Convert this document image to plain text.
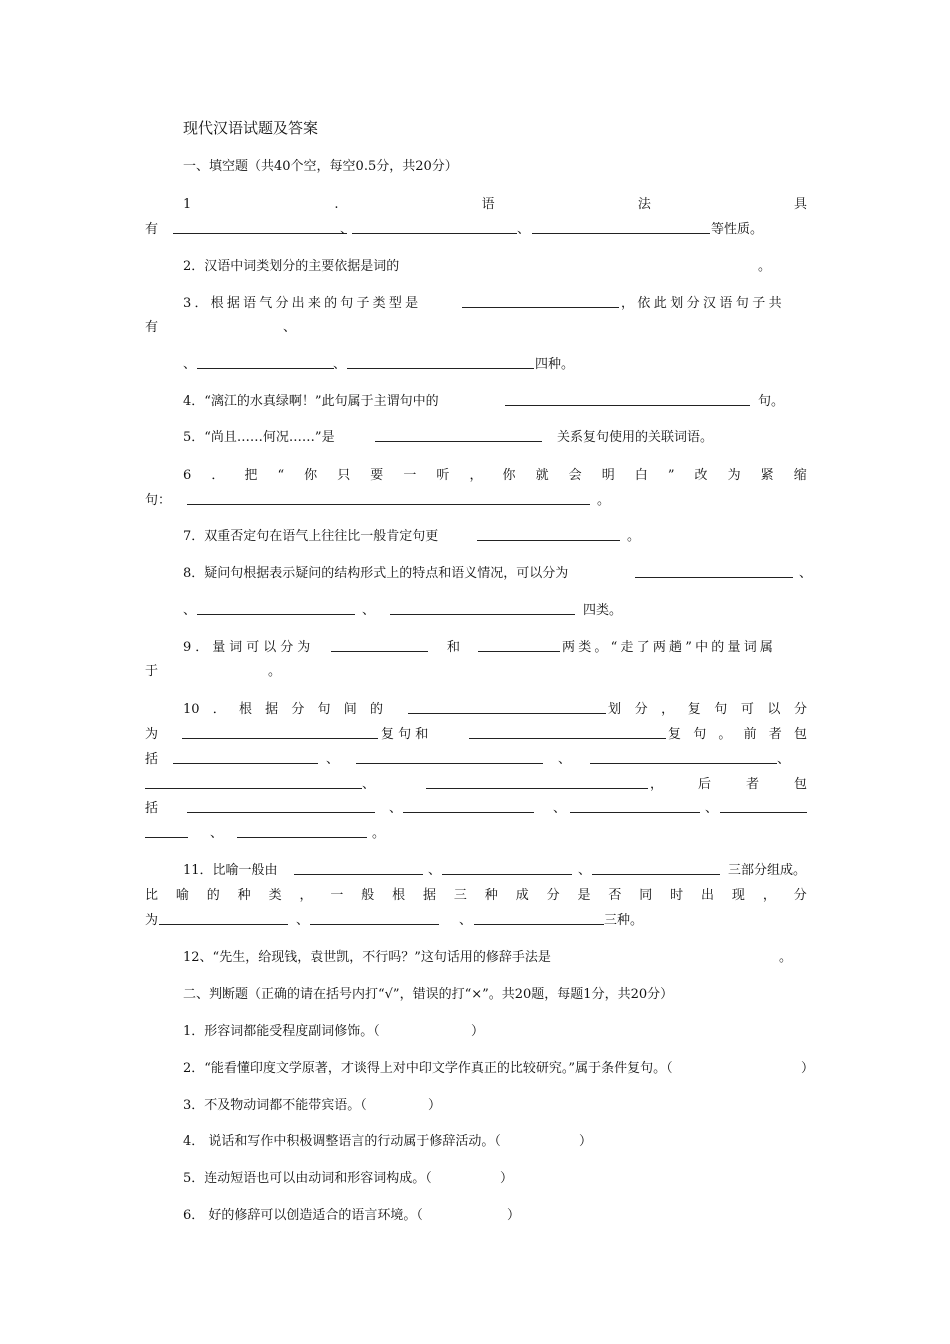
现代汉语试题及答案
一、填空题（共40个空，每空0.5分，共20分）
1	.	语	法	具
有	、	、	等性质。
2．汉语中词类划分的主要依据是词的	。
3．根据语气分出来的句子类型是	，依此划分汉语句子共
有	、
、	、	四种。
4．“漓江的水真绿啊！”此句属于主谓句中的	句。
5．“尚且……何况……”是	关系复句使用的关联词语。
6 ． 把 “ 你 只 要 一 听 ， 你 就 会 明 白 ” 改 为 紧 缩
句：	。
7．双重否定句在语气上往往比一般肯定句更	。
8．疑问句根据表示疑问的结构形式上的特点和语义情况，可以分为	、
、	、	四类。
9．量词可以分为	和	两类。“走了两趟”中的量词属
于	。
10 ． 根 据 分 句 间 的	划 分 ， 复 句 可 以 分
为	复 句 和	复 句 。 前 者 包
括	、	、	、
、	，	后	者	包
括	、	、	、
、	。
11．比喻一般由	、	、	三部分组成。
比 喻 的 种 类 ， 一 般 根 据 三 种 成 分 是 否 同 时 出 现 ， 分
为	、	、	三种。
12、“先生，给现钱，袁世凯，不行吗？”这句话用的修辞手法是	。
二、判断题（正确的请在括号内打“√”，错误的打“×”。共20题，每题1分，共20分）
1．形容词都能受程度副词修饰。（	）
2．“能看懂印度文学原著，才谈得上对中印文学作真正的比较研究。”属于条件复句。（	）
3．不及物动词都不能带宾语。（	）
4． 说话和写作中积极调整语言的行动属于修辞活动。（	）
5．连动短语也可以由动词和形容词构成。（	）
6． 好的修辞可以创造适合的语言环境。（	）
